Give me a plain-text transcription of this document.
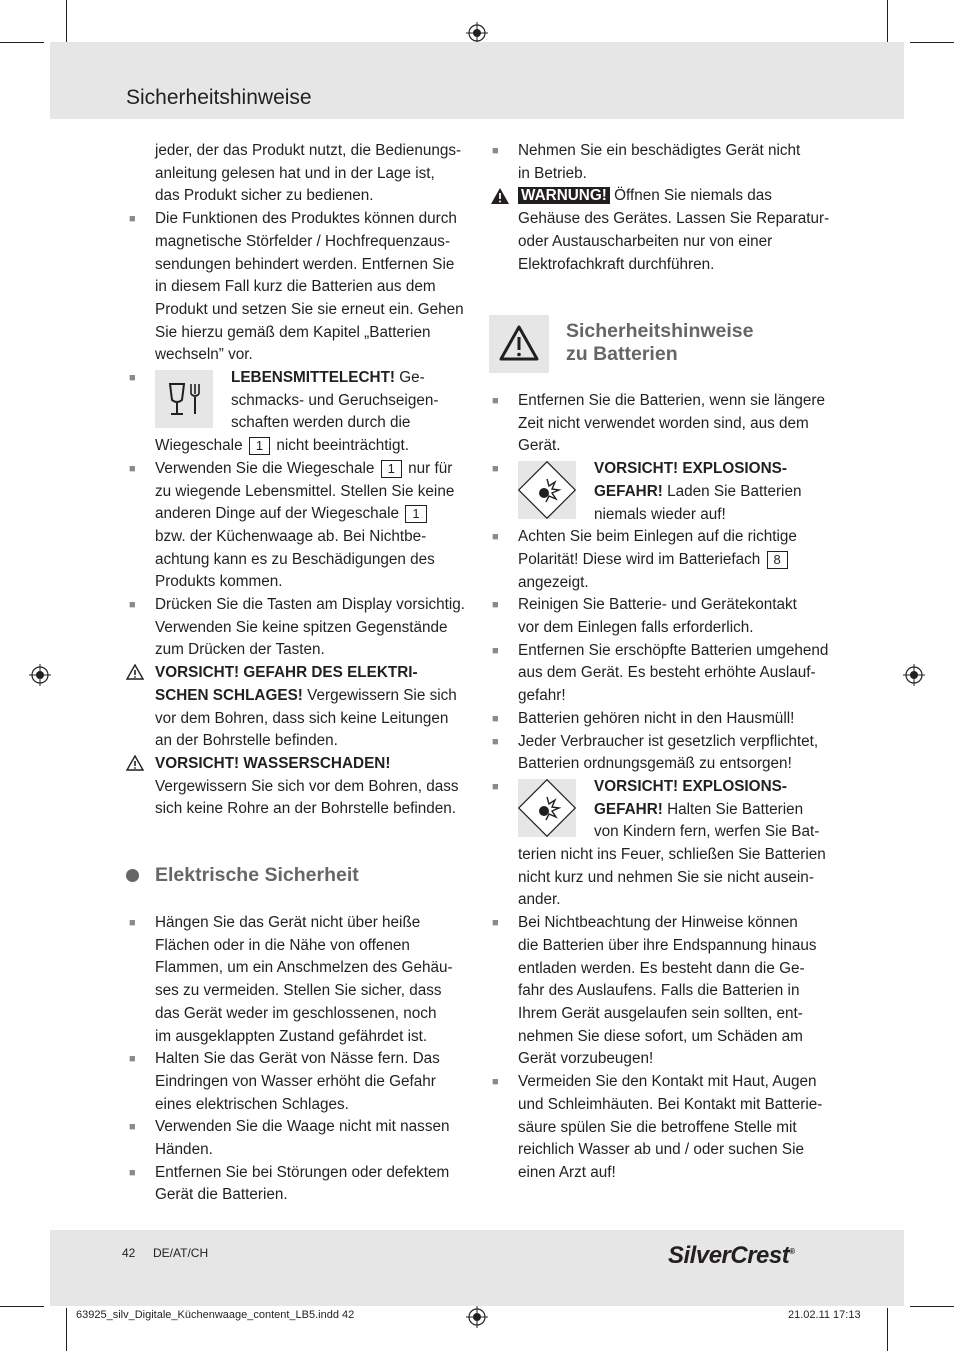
Sicherheitshinweise

jeder, der das Produkt nutzt, die Bedienungs-

anleitung gelesen hat und in der Lage ist,

das Produkt sicher zu bedienen.

■ Die Funktionen des Produktes können durch

magnetische Störfelder / Hochfrequenzaus-

sendungen behindert werden. Entfernen Sie

in diesem Fall kurz die Batterien aus dem

Produkt und setzen Sie sie erneut ein. Gehen

Sie hierzu gemäß dem Kapitel „Batterien

wechseln” vor.

■	LEBENSMITTELECHT! Ge-

schmacks- und Geruchseigen-

schaften werden durch die

Wiegeschale 1 nicht beeinträchtigt.

■ Verwenden Sie die Wiegeschale 1 nur für

zu wiegende Lebensmittel. Stellen Sie keine

anderen Dinge auf der Wiegeschale 1

bzw. der Küchenwaage ab. Bei Nichtbe-

achtung kann es zu Beschädigungen des

Produkts kommen.

■ Drücken Sie die Tasten am Display vorsichtig.

Verwenden Sie keine spitzen Gegenstände

zum Drücken der Tasten.

VORSICHT! GEFAHR DES ELEKTRI-

SCHEN SCHLAGES! Vergewissern Sie sich

vor dem Bohren, dass sich keine Leitungen

an der Bohrstelle befinden.

VORSICHT! WASSERSCHADEN!

Vergewissern Sie sich vor dem Bohren, dass

sich keine Rohre an der Bohrstelle befinden.

Elektrische Sicherheit
■ Hängen Sie das Gerät nicht über heiße

Flächen oder in die Nähe von offenen

Flammen, um ein Anschmelzen des Gehäu-

ses zu vermeiden. Stellen Sie sicher, dass

das Gerät weder im geschlossenen, noch

im ausgeklappten Zustand gefährdet ist.

■ Halten Sie das Gerät von Nässe fern. Das

Eindringen von Wasser erhöht die Gefahr

eines elektrischen Schlages.

■ Verwenden Sie die Waage nicht mit nassen

Händen.

■ Entfernen Sie bei Störungen oder defektem

Gerät die Batterien.

■ Nehmen Sie ein beschädigtes Gerät nicht

in Betrieb.

WARNUNG! Öffnen Sie niemals das

Gehäuse des Gerätes. Lassen Sie Reparatur-

oder Austauscharbeiten nur von einer

Elektrofachkraft durchführen.

Sicherheitshinweise
zu Batterien
■ Entfernen Sie die Batterien, wenn sie längere

Zeit nicht verwendet worden sind, aus dem

Gerät.

■	VORSICHT! EXPLOSIONS-

GEFAHR! Laden Sie Batterien

niemals wieder auf!

■ Achten Sie beim Einlegen auf die richtige

Polarität! Diese wird im Batteriefach 8

angezeigt.

■ Reinigen Sie Batterie- und Gerätekontakt

vor dem Einlegen falls erforderlich.

■ Entfernen Sie erschöpfte Batterien umgehend

aus dem Gerät. Es besteht erhöhte Auslauf-

gefahr!

■ Batterien gehören nicht in den Hausmüll!

■ Jeder Verbraucher ist gesetzlich verpflichtet,

Batterien ordnungsgemäß zu entsorgen!

■	VORSICHT! EXPLOSIONS-

GEFAHR! Halten Sie Batterien

von Kindern fern, werfen Sie Bat-

terien nicht ins Feuer, schließen Sie Batterien

nicht kurz und nehmen Sie sie nicht ausein-

ander.

■ Bei Nichtbeachtung der Hinweise können

die Batterien über ihre Endspannung hinaus

entladen werden. Es besteht dann die Ge-

fahr des Auslaufens. Falls die Batterien in

Ihrem Gerät ausgelaufen sein sollten, ent-

nehmen Sie diese sofort, um Schäden am

Gerät vorzubeugen!

■ Vermeiden Sie den Kontakt mit Haut, Augen

und Schleimhäuten. Bei Kontakt mit Batterie-

säure spülen Sie die betroffene Stelle mit

reichlich Wasser ab und / oder suchen Sie

einen Arzt auf!

42 DE/AT/CH	SilverCrest®
63925_silv_Digitale_Küchenwaage_content_LB5.indd 42	21.02.11 17:13
